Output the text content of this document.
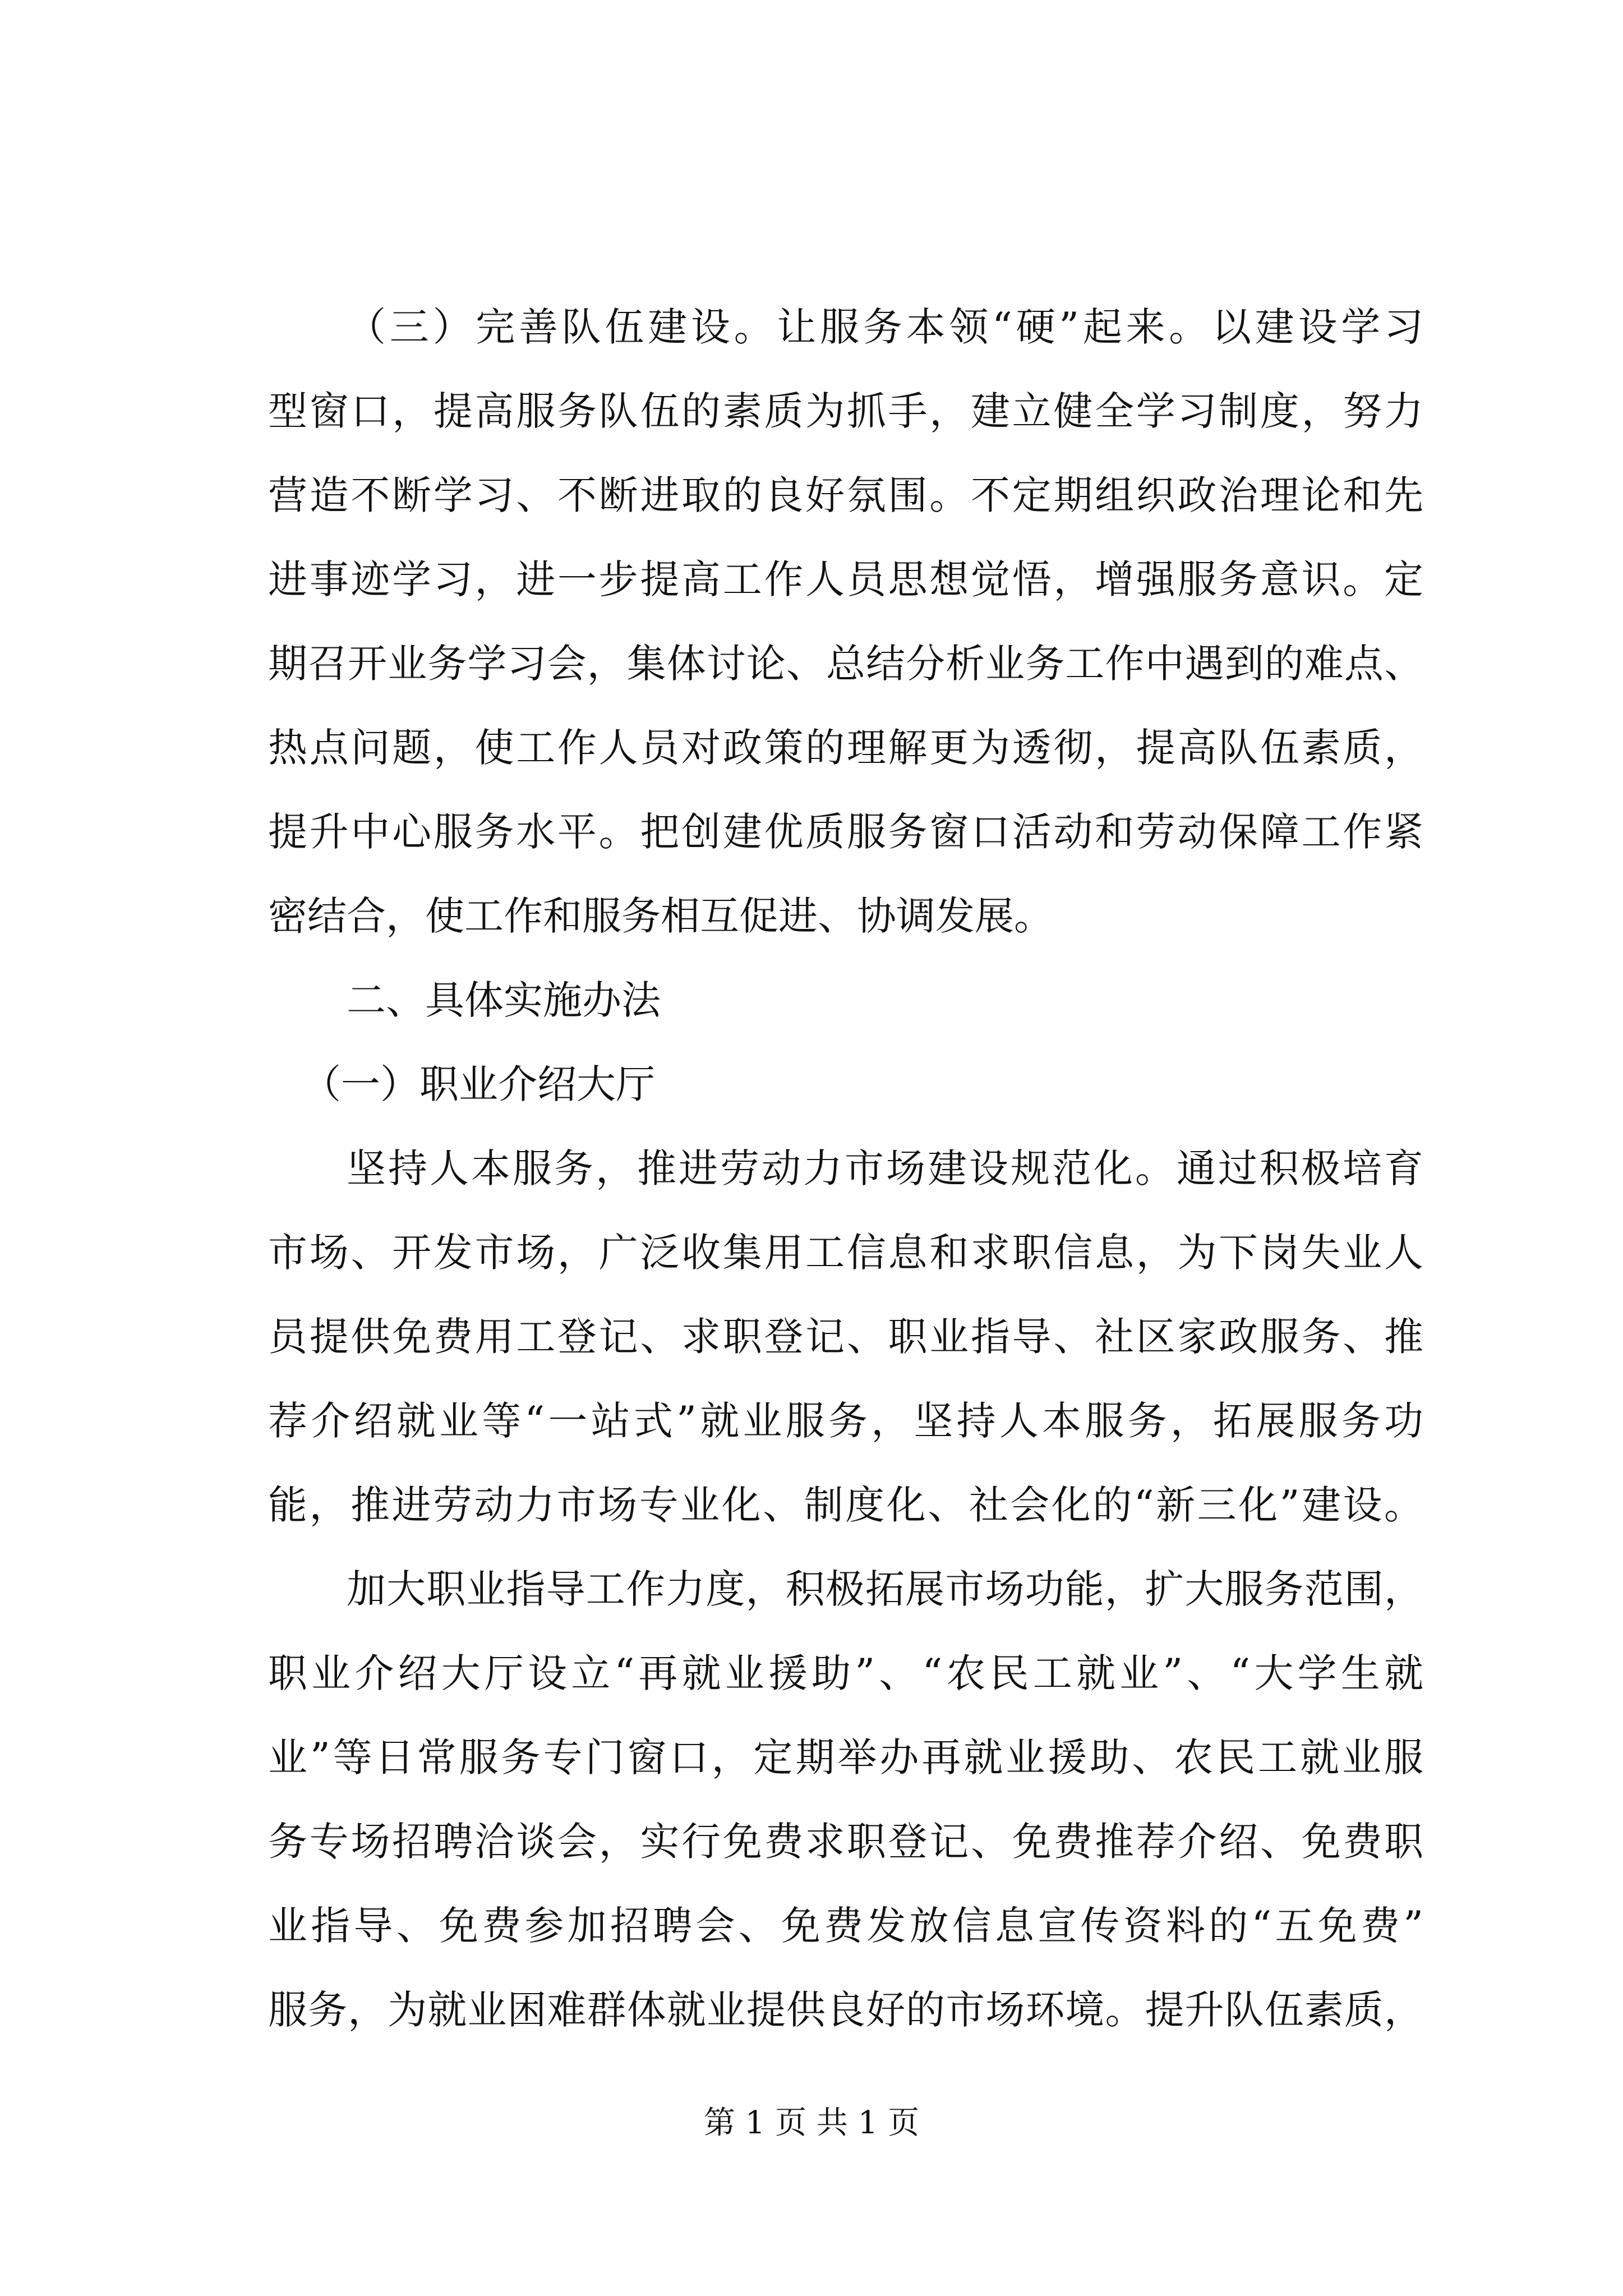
（三）完善队伍建设。让服务本领“硬”起来。以建设学习
型窗口，提高服务队伍的素质为抓手，建立健全学习制度，努力
营造不断学习、不断进取的良好氛围。不定期组织政治理论和先
进事迹学习，进一步提高工作人员思想觉悟，增强服务意识。定
期召开业务学习会，集体讨论、总结分析业务工作中遇到的难点、
热点问题，使工作人员对政策的理解更为透彻，提高队伍素质，
提升中心服务水平。把创建优质服务窗口活动和劳动保障工作紧
密结合，使工作和服务相互促进、协调发展。
二、具体实施办法
（一）职业介绍大厅
坚持人本服务，推进劳动力市场建设规范化。通过积极培育
市场、开发市场，广泛收集用工信息和求职信息，为下岗失业人
员提供免费用工登记、求职登记、职业指导、社区家政服务、推
荐介绍就业等“一站式”就业服务，坚持人本服务，拓展服务功
能，推进劳动力市场专业化、制度化、社会化的“新三化”建设。
加大职业指导工作力度，积极拓展市场功能，扩大服务范围，
职业介绍大厅设立“再就业援助”、“农民工就业”、“大学生就
业”等日常服务专门窗口，定期举办再就业援助、农民工就业服
务专场招聘洽谈会，实行免费求职登记、免费推荐介绍、免费职
业指导、免费参加招聘会、免费发放信息宣传资料的“五免费”
服务，为就业困难群体就业提供良好的市场环境。提升队伍素质，
第 1 页 共 1 页
